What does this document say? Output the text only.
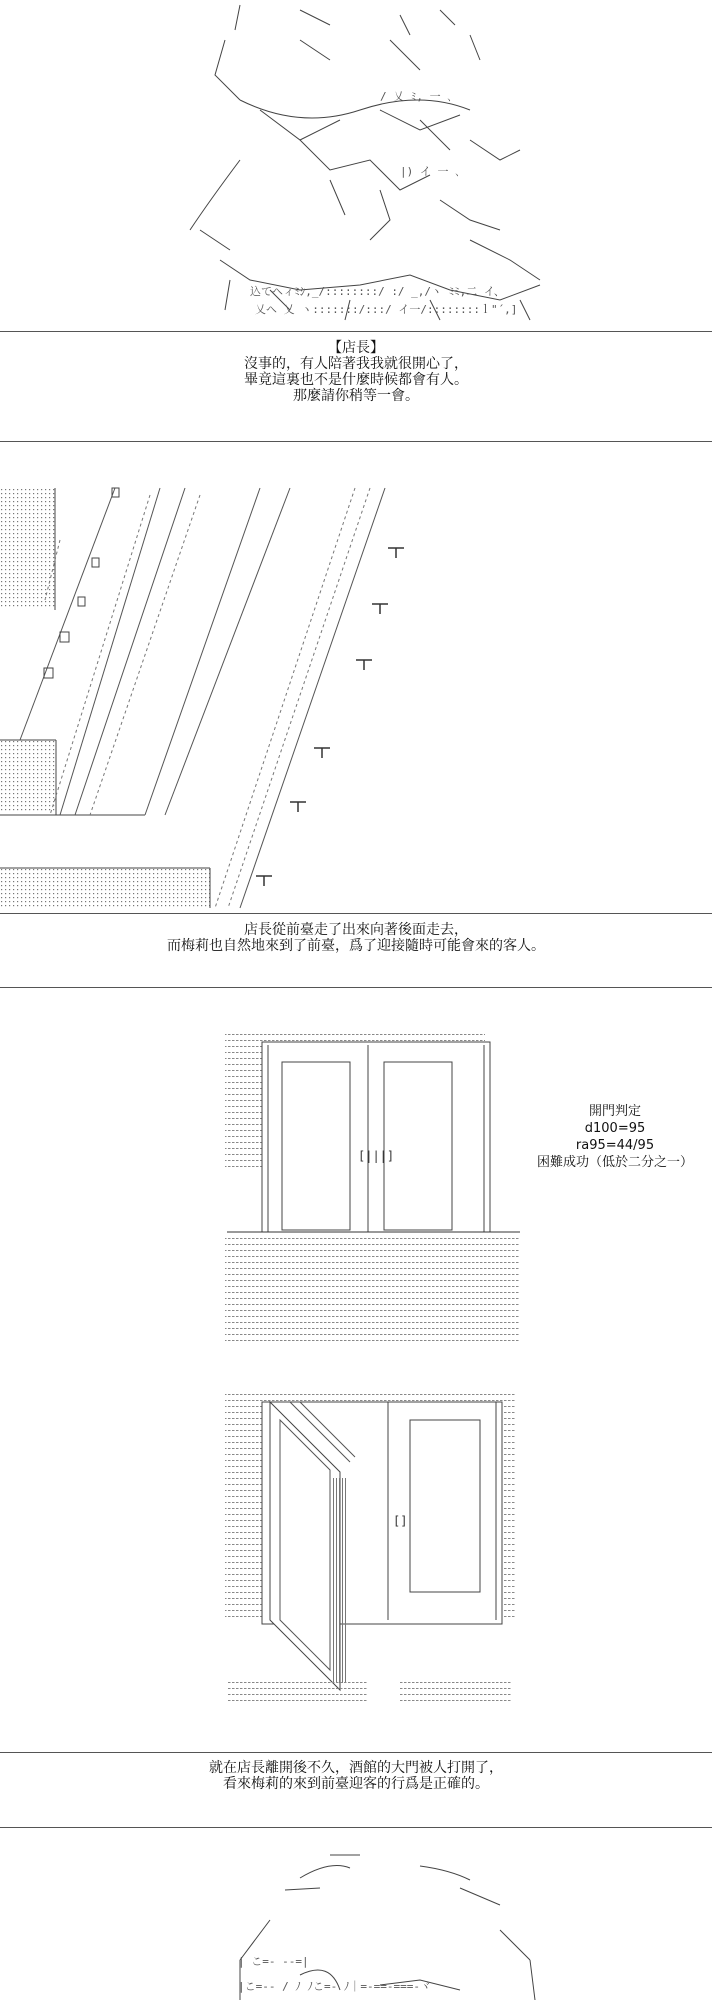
/ 乂 ﾐ, 一 ､
|) イ 一 ､
込てヘィﾐｼ,_/::::::::/ :/ _,/ヽ ﾐﾐ,二 イ、
乂ヘ 乂 ヽ:::::::/:::/ イ一/::::::::ｌ"´,]
[|||]
[]
| こ=- --=|
|こ=-- / ﾉ ﾉこ=- ﾉ｜=-==-===-ヾ
【店長】
沒事的，有人陪著我我就很開心了，
畢竟這裏也不是什麼時候都會有人。
那麼請你稍等一會。
店長從前臺走了出來向著後面走去，
而梅莉也自然地來到了前臺，爲了迎接隨時可能會來的客人。
開門判定
d100=95
ra95=44/95
困難成功（低於二分之一）
就在店長離開後不久，酒館的大門被人打開了，
看來梅莉的來到前臺迎客的行爲是正確的。
